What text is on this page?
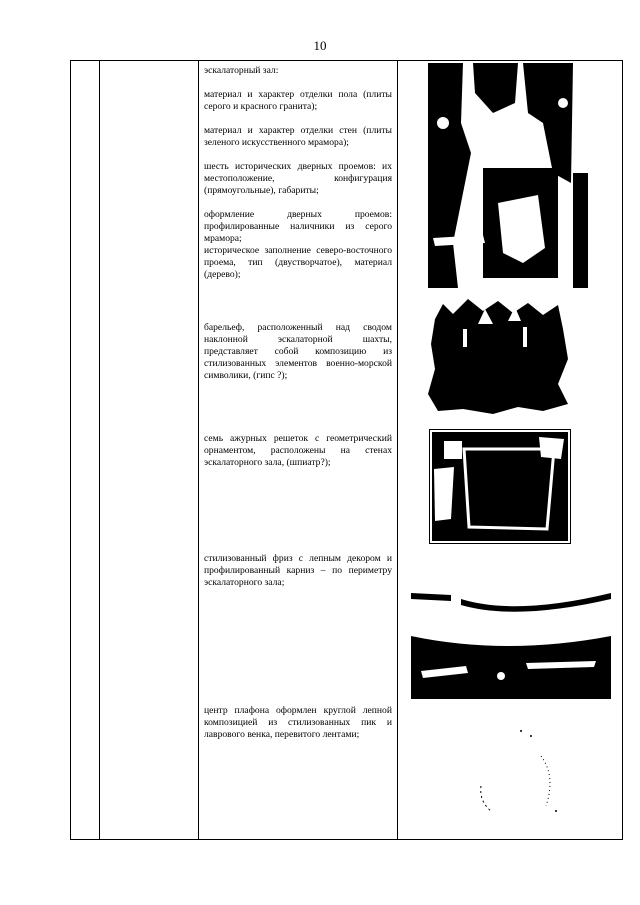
10

эскалаторный зал:

материал и характер отделки пола (плиты серого и красного гранита);

материал и характер отделки стен (плиты зеленого искусственного мрамора);

шесть исторических дверных проемов: их местоположение, конфигурация (прямоугольные), габариты;

оформление дверных проемов: профилированные наличники из серого мрамора;

историческое заполнение северо-восточного проема, тип (двустворчатое), материал (дерево);

барельеф, расположенный над сводом наклонной эскалаторной шахты, представляет собой композицию из стилизованных элементов военно-морской символики, (гипс ?);

семь ажурных решеток с геометрический орнаментом, расположены на стенах эскалаторного зала, (шпиатр?);

стилизованный фриз с лепным декором и профилированный карниз – по периметру эскалаторного зала;

центр плафона оформлен круглой лепной композицией из стилизованных пик и лаврового венка, перевитого лентами;
